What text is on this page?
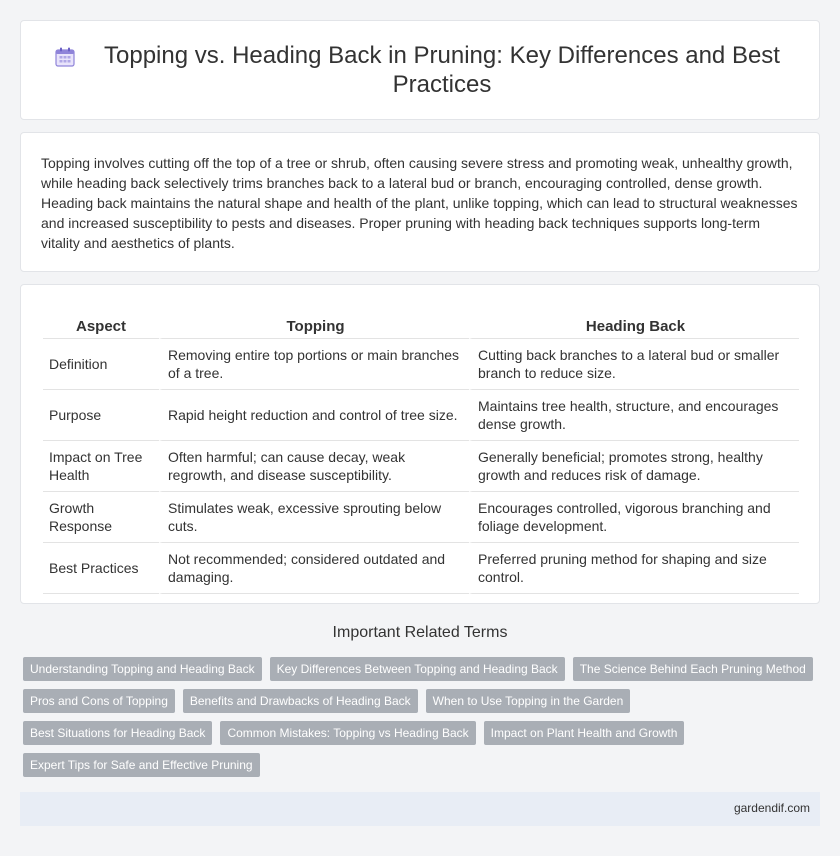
Topping vs. Heading Back in Pruning: Key Differences and Best Practices

Topping involves cutting off the top of a tree or shrub, often causing severe stress and promoting weak, unhealthy growth, while heading back selectively trims branches back to a lateral bud or branch, encouraging controlled, dense growth. Heading back maintains the natural shape and health of the plant, unlike topping, which can lead to structural weaknesses and increased susceptibility to pests and diseases. Proper pruning with heading back techniques supports long-term vitality and aesthetics of plants.

Aspect	Topping	Heading Back
Definition	Removing entire top portions or main branches of a tree.	Cutting back branches to a lateral bud or smaller branch to reduce size.
Purpose	Rapid height reduction and control of tree size.	Maintains tree health, structure, and encourages dense growth.
Impact on Tree Health	Often harmful; can cause decay, weak regrowth, and disease susceptibility.	Generally beneficial; promotes strong, healthy growth and reduces risk of damage.
Growth Response	Stimulates weak, excessive sprouting below cuts.	Encourages controlled, vigorous branching and foliage development.
Best Practices	Not recommended; considered outdated and damaging.	Preferred pruning method for shaping and size control.
Important Related Terms
Understanding Topping and Heading Back	Key Differences Between Topping and Heading Back	The Science Behind Each Pruning Method
Pros and Cons of Topping	Benefits and Drawbacks of Heading Back	When to Use Topping in the Garden
Best Situations for Heading Back	Common Mistakes: Topping vs Heading Back	Impact on Plant Health and Growth
Expert Tips for Safe and Effective Pruning
gardendif.com
